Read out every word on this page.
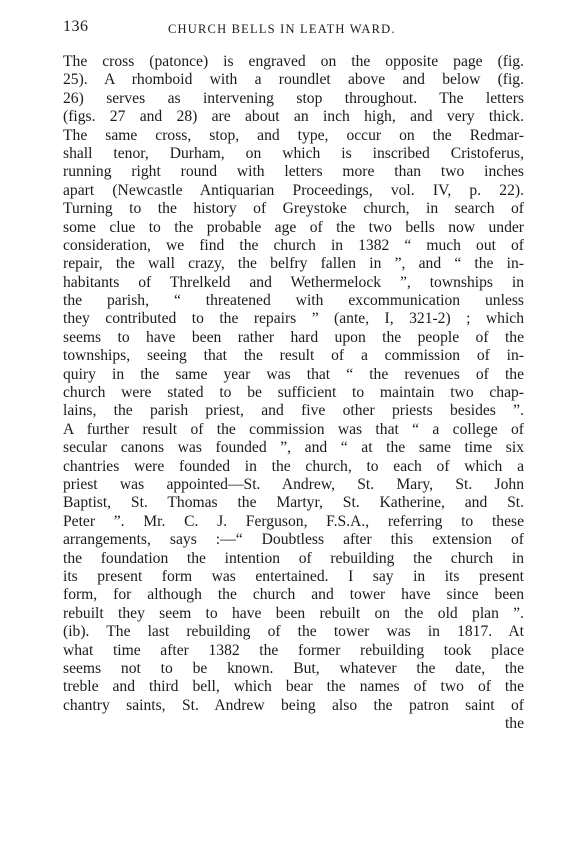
136	CHURCH BELLS IN LEATH WARD.
The cross (patonce) is engraved on the opposite page (fig.
25). A rhomboid with a roundlet above and below (fig.
26) serves as intervening stop throughout. The letters
(figs. 27 and 28) are about an inch high, and very thick.
The same cross, stop, and type, occur on the Redmar-
shall tenor, Durham, on which is inscribed Cristoferus,
running right round with letters more than two inches
apart (Newcastle Antiquarian Proceedings, vol. IV, p. 22).
Turning to the history of Greystoke church, in search of
some clue to the probable age of the two bells now under
consideration, we find the church in 1382 “ much out of
repair, the wall crazy, the belfry fallen in ”, and “ the in-
habitants of Threlkeld and Wethermelock ”, townships in
the parish, “ threatened with excommunication unless
they contributed to the repairs ” (ante, I, 321-2) ; which
seems to have been rather hard upon the people of the
townships, seeing that the result of a commission of in-
quiry in the same year was that “ the revenues of the
church were stated to be sufficient to maintain two chap-
lains, the parish priest, and five other priests besides ”.
A further result of the commission was that “ a college of
secular canons was founded ”, and “ at the same time six
chantries were founded in the church, to each of which a
priest was appointed—St. Andrew, St. Mary, St. John
Baptist, St. Thomas the Martyr, St. Katherine, and St.
Peter ”. Mr. C. J. Ferguson, F.S.A., referring to these
arrangements, says :—“ Doubtless after this extension of
the foundation the intention of rebuilding the church in
its present form was entertained. I say in its present
form, for although the church and tower have since been
rebuilt they seem to have been rebuilt on the old plan ”.
(ib). The last rebuilding of the tower was in 1817. At
what time after 1382 the former rebuilding took place
seems not to be known. But, whatever the date, the
treble and third bell, which bear the names of two of the
chantry saints, St. Andrew being also the patron saint of
the
